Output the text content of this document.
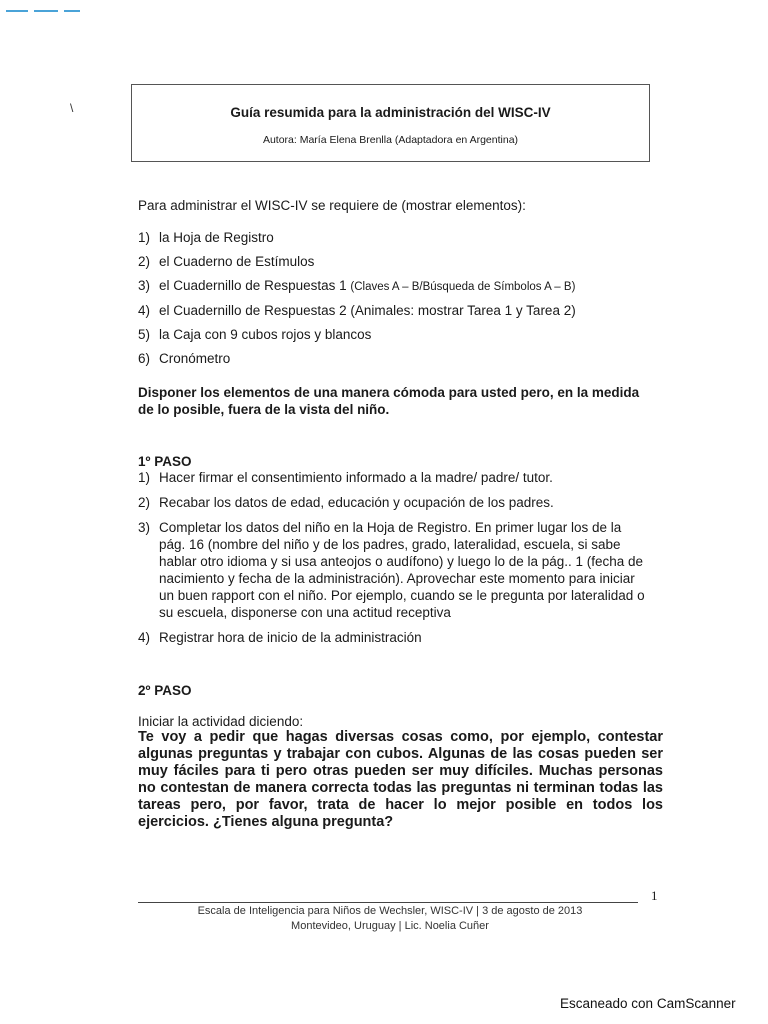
\	Guía resumida para la administración del WISC-IV
Autora: María Elena Brenlla (Adaptadora en Argentina)

Para administrar el WISC-IV se requiere de (mostrar elementos):

1) la Hoja de Registro
2) el Cuaderno de Estímulos
3) el Cuadernillo de Respuestas 1 (Claves A – B/Búsqueda de Símbolos A – B)
4) el Cuadernillo de Respuestas 2 (Animales: mostrar Tarea 1 y Tarea 2)
5) la Caja con 9 cubos rojos y blancos
6) Cronómetro

Disponer los elementos de una manera cómoda para usted pero, en la medida de lo posible, fuera de la vista del niño.

1º PASO

1) Hacer firmar el consentimiento informado a la madre/ padre/ tutor.
2) Recabar los datos de edad, educación y ocupación de los padres.
3) Completar los datos del niño en la Hoja de Registro. En primer lugar los de la pág. 16 (nombre del niño y de los padres, grado, lateralidad, escuela, si sabe hablar otro idioma y si usa anteojos o audífono) y luego lo de la pág.. 1 (fecha de nacimiento y fecha de la administración). Aprovechar este momento para iniciar un buen rapport con el niño. Por ejemplo, cuando se le pregunta por lateralidad o su escuela, disponerse con una actitud receptiva
4) Registrar hora de inicio de la administración

2º PASO

Iniciar la actividad diciendo:

Te voy a pedir que hagas diversas cosas como, por ejemplo, contestar algunas preguntas y trabajar con cubos. Algunas de las cosas pueden ser muy fáciles para ti pero otras pueden ser muy difíciles. Muchas personas no contestan de manera correcta todas las preguntas ni terminan todas las tareas pero, por favor, trata de hacer lo mejor posible en todos los ejercicios. ¿Tienes alguna pregunta?

1
Escala de Inteligencia para Niños de Wechsler, WISC-IV | 3 de agosto de 2013
Montevideo, Uruguay | Lic. Noelia Cuñer
Escaneado con CamScanner
